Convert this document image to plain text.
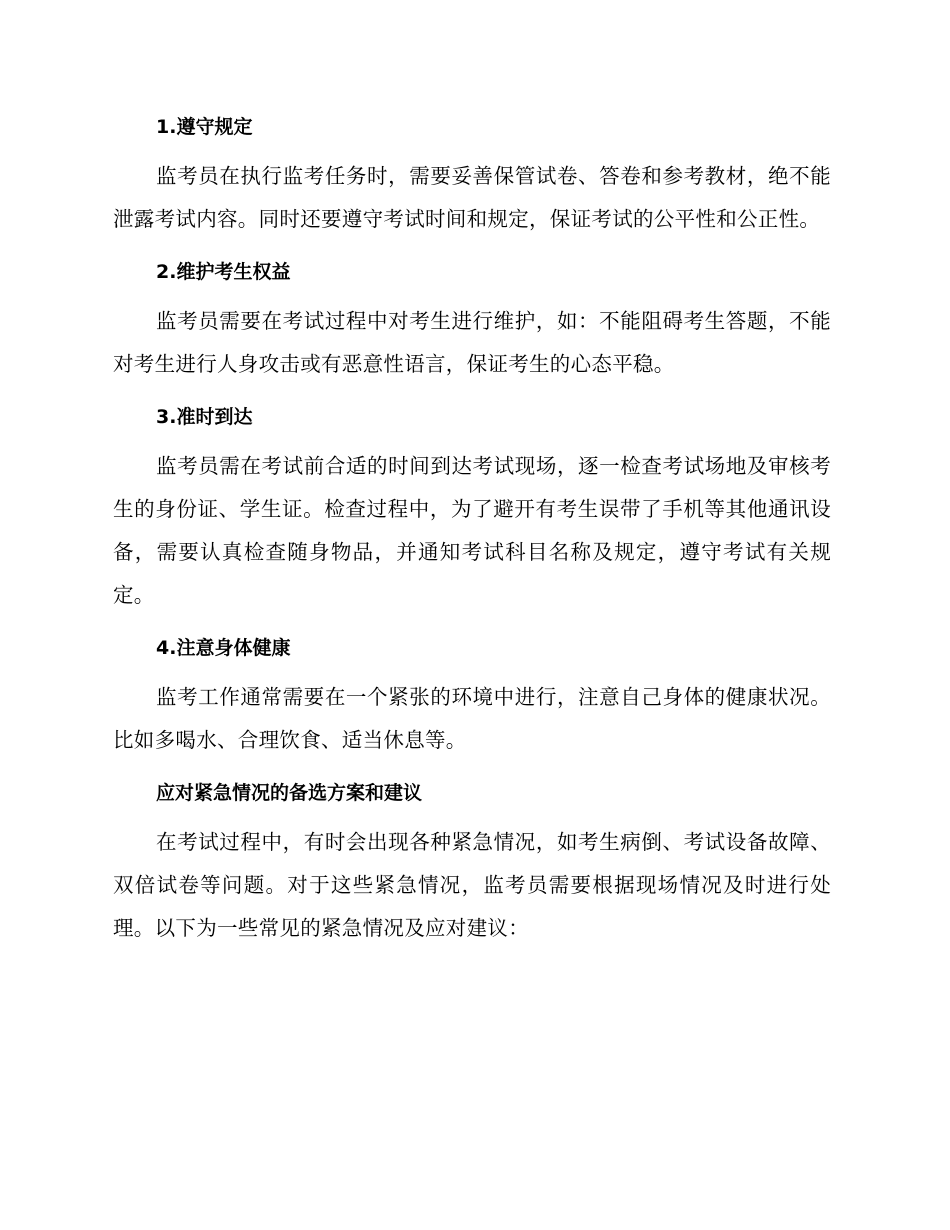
1.遵守规定

监考员在执行监考任务时，需要妥善保管试卷、答卷和参考教材，绝不能泄露考试内容。同时还要遵守考试时间和规定，保证考试的公平性和公正性。

2.维护考生权益

监考员需要在考试过程中对考生进行维护，如：不能阻碍考生答题，不能对考生进行人身攻击或有恶意性语言，保证考生的心态平稳。

3.准时到达

监考员需在考试前合适的时间到达考试现场，逐一检查考试场地及审核考生的身份证、学生证。检查过程中，为了避开有考生误带了手机等其他通讯设备，需要认真检查随身物品，并通知考试科目名称及规定，遵守考试有关规定。

4.注意身体健康

监考工作通常需要在一个紧张的环境中进行，注意自己身体的健康状况。比如多喝水、合理饮食、适当休息等。

应对紧急情况的备选方案和建议

在考试过程中，有时会出现各种紧急情况，如考生病倒、考试设备故障、双倍试卷等问题。对于这些紧急情况，监考员需要根据现场情况及时进行处理。以下为一些常见的紧急情况及应对建议：
